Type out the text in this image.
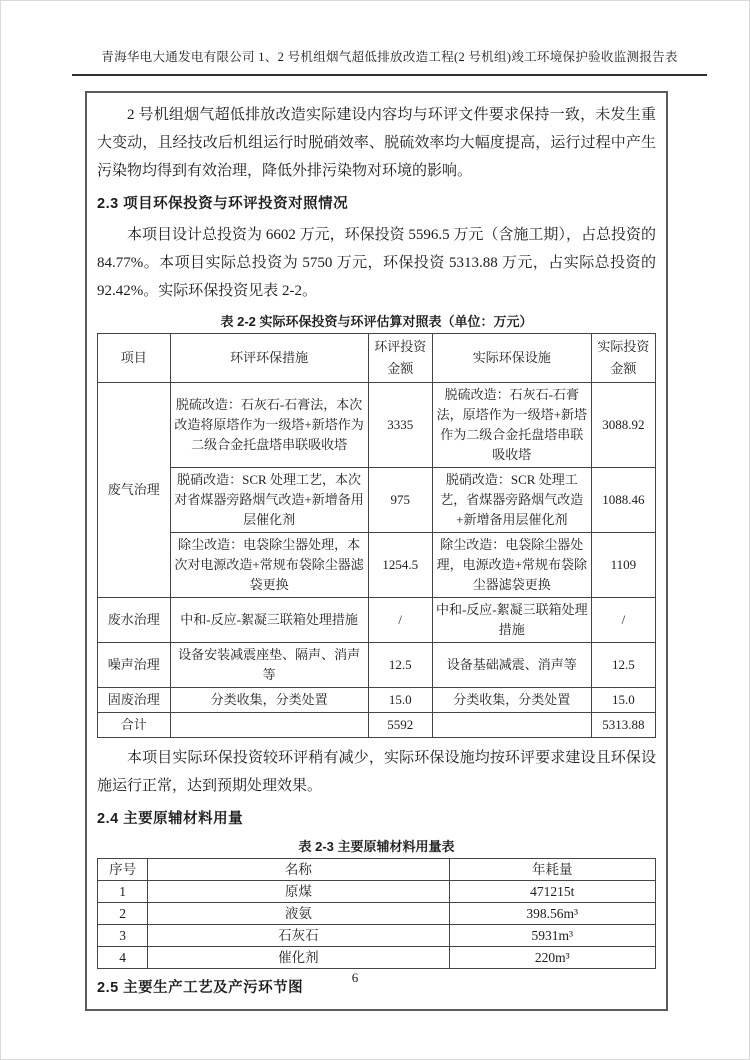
青海华电大通发电有限公司 1、2 号机组烟气超低排放改造工程(2 号机组)竣工环境保护验收监测报告表

2 号机组烟气超低排放改造实际建设内容均与环评文件要求保持一致，未发生重大变动，且经技改后机组运行时脱硝效率、脱硫效率均大幅度提高，运行过程中产生污染物均得到有效治理，降低外排污染物对环境的影响。

2.3 项目环保投资与环评投资对照情况

本项目设计总投资为 6602 万元，环保投资 5596.5 万元（含施工期），占总投资的 84.77%。本项目实际总投资为 5750 万元，环保投资 5313.88 万元，占实际总投资的 92.42%。实际环保投资见表 2-2。

表 2-2 实际环保投资与环评估算对照表（单位：万元）
项目	环评环保措施	环评投资金额	实际环保设施	实际投资金额
废气治理	脱硫改造：石灰石-石膏法，本次改造将原塔作为一级塔+新塔作为二级合金托盘塔串联吸收塔	3335	脱硫改造：石灰石-石膏法，原塔作为一级塔+新塔作为二级合金托盘塔串联吸收塔	3088.92
	脱硝改造：SCR 处理工艺，本次对省煤器旁路烟气改造+新增备用层催化剂	975	脱硝改造：SCR 处理工艺，省煤器旁路烟气改造+新增备用层催化剂	1088.46
	除尘改造：电袋除尘器处理，本次对电源改造+常规布袋除尘器滤袋更换	1254.5	除尘改造：电袋除尘器处理，电源改造+常规布袋除尘器滤袋更换	1109
废水治理	中和-反应-絮凝三联箱处理措施	/	中和-反应-絮凝三联箱处理措施	/
噪声治理	设备安装减震座垫、隔声、消声等	12.5	设备基础减震、消声等	12.5
固废治理	分类收集，分类处置	15.0	分类收集，分类处置	15.0
合计		5592		5313.88

本项目实际环保投资较环评稍有减少，实际环保设施均按环评要求建设且环保设施运行正常，达到预期处理效果。

2.4 主要原辅材料用量
表 2-3 主要原辅材料用量表
序号	名称	年耗量
1	原煤	471215t
2	液氨	398.56m³
3	石灰石	5931m³
4	催化剂	220m³
2.5 主要生产工艺及产污环节图
6
